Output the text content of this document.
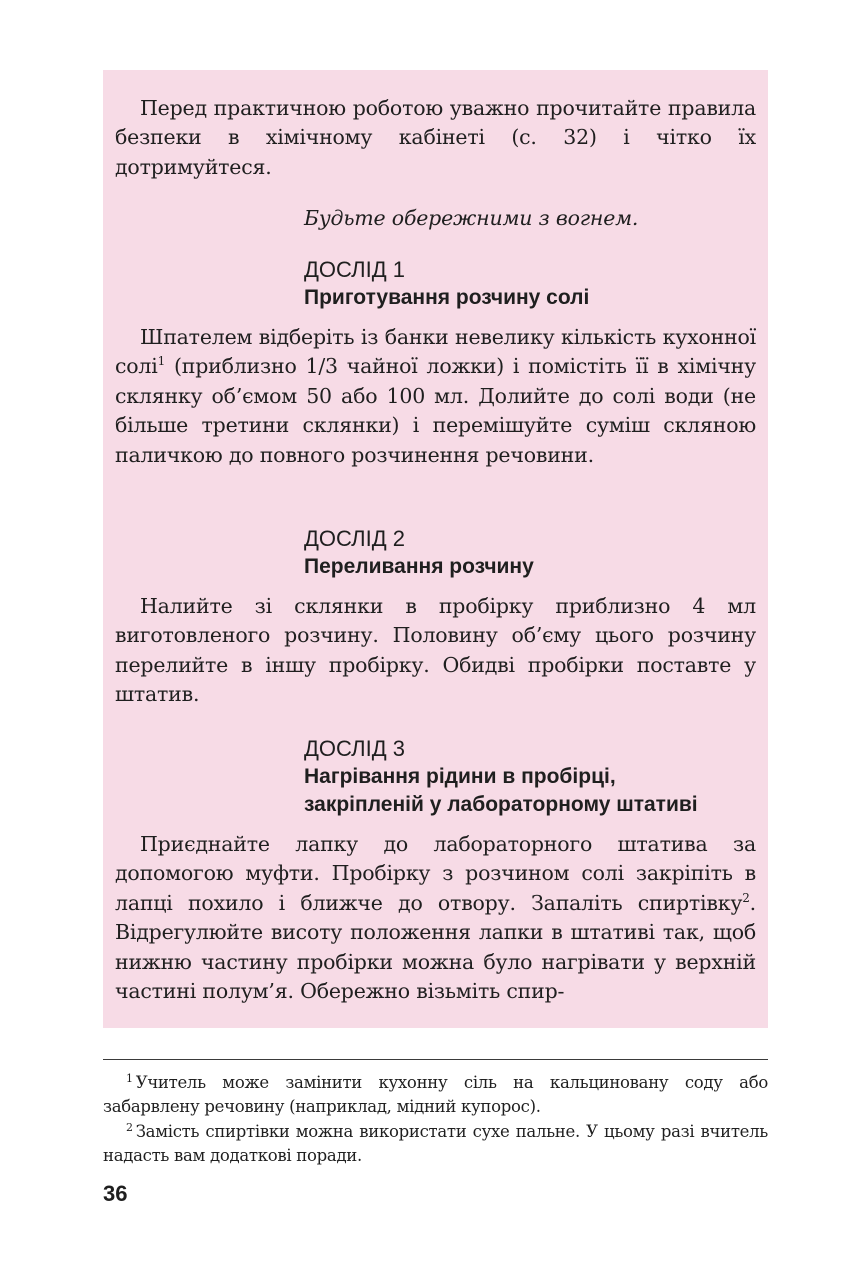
Перед практичною роботою уважно прочитайте правила безпеки в хімічному кабінеті (с. 32) і чітко їх дотримуйтеся.

Будьте обережними з вогнем.

ДОСЛІД 1
Приготування розчину солі

Шпателем відберіть із банки невелику кількість кухонної солі$^1$ (приблизно 1/3 чайної ложки) і помістіть її в хімічну склянку об’ємом 50 або 100 мл. Долийте до солі води (не більше третини склянки) і перемішуйте суміш скляною паличкою до повного розчинення речовини.

ДОСЛІД 2
Переливання розчину

Налийте зі склянки в пробірку приблизно 4 мл виготовленого розчину. Половину об’єму цього розчину перелийте в іншу пробірку. Обидві пробірки поставте у штатив.

ДОСЛІД 3
Нагрівання рідини в пробірці,
закріпленій у лабораторному штативі

Приєднайте лапку до лабораторного штатива за допомогою муфти. Пробірку з розчином солі закріпіть в лапці похило і ближче до отвору. Запаліть спиртівку$^2$. Відрегулюйте висоту положення лапки в штативі так, щоб нижню частину пробірки можна було нагрівати у верхній частині полум’я. Обережно візьміть спир-

$^1$ Учитель може замінити кухонну сіль на кальциновану соду або забарвлену речовину (наприклад, мідний купорос).

$^2$ Замість спиртівки можна використати сухе пальне. У цьому разі вчитель надасть вам додаткові поради.

36
